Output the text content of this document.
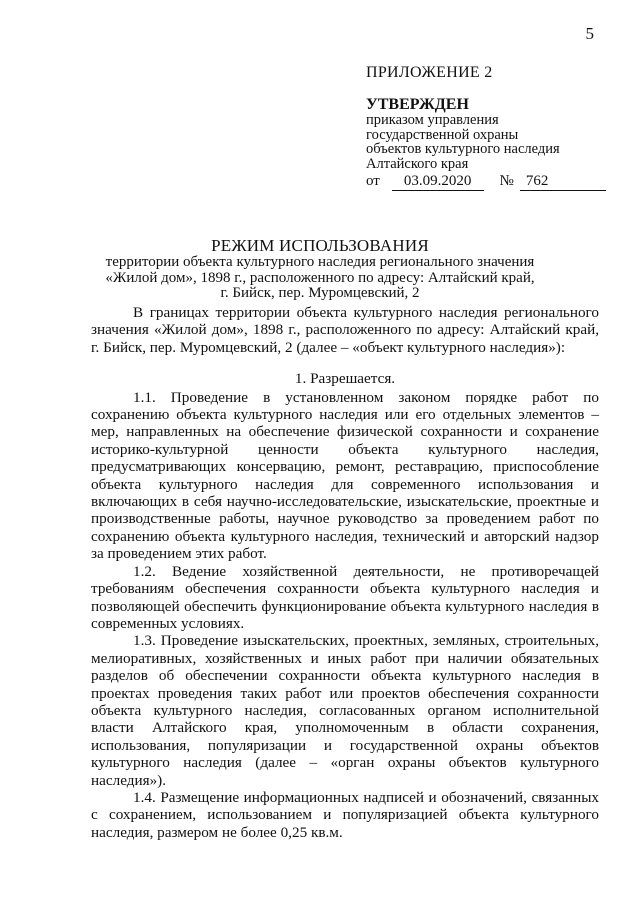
5
ПРИЛОЖЕНИЕ 2
УТВЕРЖДЕН
приказом управления
государственной охраны
объектов культурного наследия
Алтайского края
от	03.09.2020	№ 762
РЕЖИМ ИСПОЛЬЗОВАНИЯ
территории объекта культурного наследия регионального значения
«Жилой дом», 1898 г., расположенного по адресу: Алтайский край,
г. Бийск, пер. Муромцевский, 2

В границах территории объекта культурного наследия регионального значения «Жилой дом», 1898 г., расположенного по адресу: Алтайский край, г. Бийск, пер. Муромцевский, 2 (далее – «объект культурного наследия»):

1. Разрешается.

1.1. Проведение в установленном законом порядке работ по сохранению объекта культурного наследия или его отдельных элементов – мер, направленных на обеспечение физической сохранности и сохранение историко-культурной ценности объекта культурного наследия, предусматривающих консервацию, ремонт, реставрацию, приспособление объекта культурного наследия для современного использования и включающих в себя научно-исследовательские, изыскательские, проектные и производственные работы, научное руководство за проведением работ по сохранению объекта культурного наследия, технический и авторский надзор за проведением этих работ.

1.2. Ведение хозяйственной деятельности, не противоречащей требованиям обеспечения сохранности объекта культурного наследия и позволяющей обеспечить функционирование объекта культурного наследия в современных условиях.

1.3. Проведение изыскательских, проектных, земляных, строительных, мелиоративных, хозяйственных и иных работ при наличии обязательных разделов об обеспечении сохранности объекта культурного наследия в проектах проведения таких работ или проектов обеспечения сохранности объекта культурного наследия, согласованных органом исполнительной власти Алтайского края, уполномоченным в области сохранения, использования, популяризации и государственной охраны объектов культурного наследия (далее – «орган охраны объектов культурного наследия»).

1.4. Размещение информационных надписей и обозначений, связанных с сохранением, использованием и популяризацией объекта культурного наследия, размером не более 0,25 кв.м.
